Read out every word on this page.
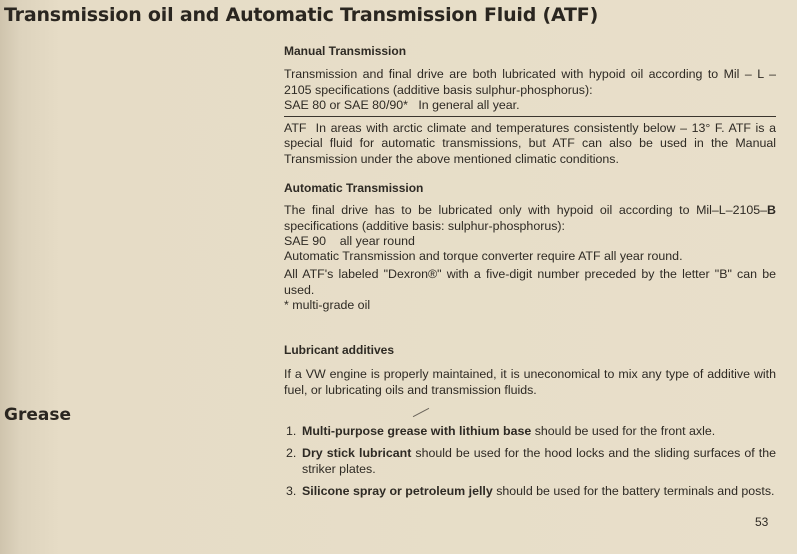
Transmission oil and Automatic Transmission Fluid (ATF)
Manual Transmission

Transmission and final drive are both lubricated with hypoid oil according to Mil – L – 2105 specifications (additive basis sulphur-phosphorus):

SAE 80 or SAE 80/90*   In general all year.

ATF  In areas with arctic climate and temperatures consistently below – 13° F. ATF is a special fluid for automatic transmissions, but ATF can also be used in the Manual Transmission under the above mentioned climatic conditions.

Automatic Transmission

The final drive has to be lubricated only with hypoid oil according to Mil–L–2105–B specifications (additive basis: sulphur-phosphorus):

SAE 90    all year round

Automatic Transmission and torque converter require ATF all year round.

All ATF's labeled "Dexron®" with a five-digit number preceded by the letter "B" can be used.

* multi-grade oil

Lubricant additives

If a VW engine is properly maintained, it is uneconomical to mix any type of additive with fuel, or lubricating oils and transmission fluids.

Grease
1. Multi-purpose grease with lithium base should be used for the front axle.
2. Dry stick lubricant should be used for the hood locks and the sliding surfaces of the striker plates.
3. Silicone spray or petroleum jelly should be used for the battery terminals and posts.
53
